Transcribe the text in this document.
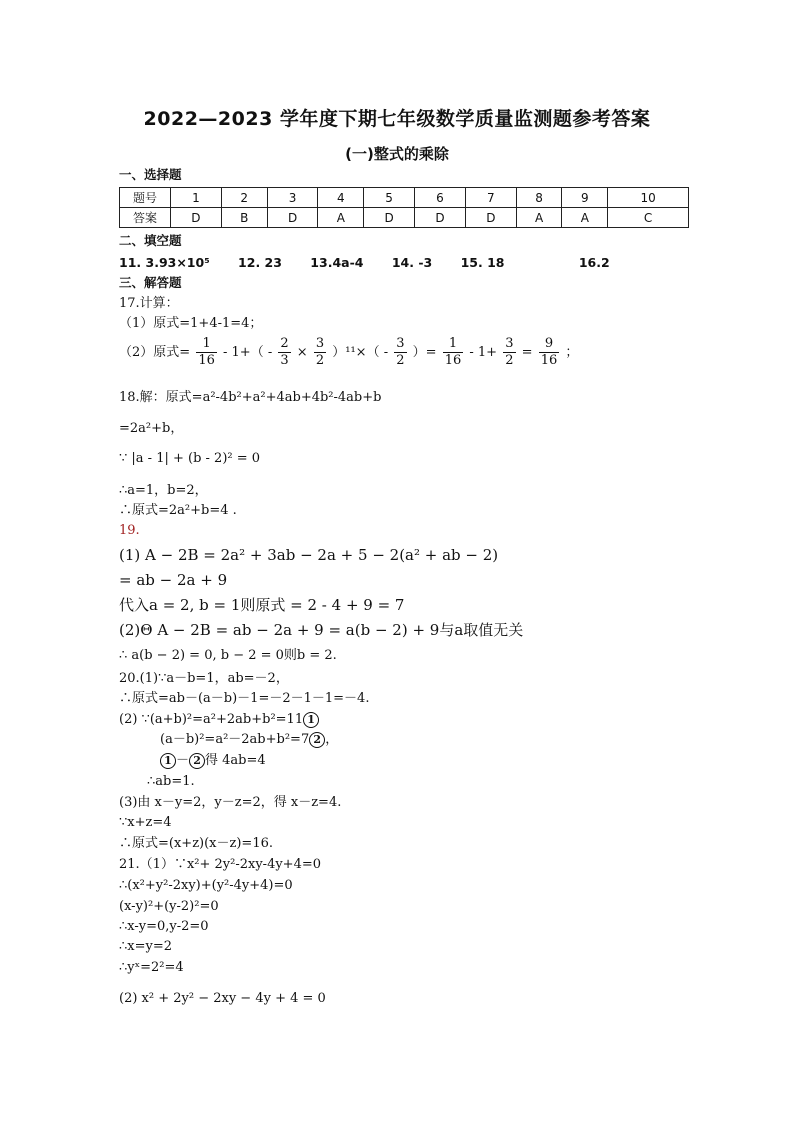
2022—2023 学年度下期七年级数学质量监测题参考答案
(一)整式的乘除
一、选择题
题号	1	2	3	4	5	6	7	8	9	10
答案	D	B	D	A	D	D	D	A	A	C
二、填空题
11. 3.93×10⁵ 12. 23 13.4a-4 14. -3 15. 18	16.2
三、解答题
17.计算：
（1）原式=1+4-1=4；
（2）原式= $\frac{1}{16} - 1+( - \frac{2}{3} \times \frac{3}{2} )^{11}\times( - \frac{3}{2}$ ）= $\frac{1}{16} - 1+ \frac{3}{2} = \frac{9}{16}$ ；
18.解：原式=a²-4b²+a²+4ab+4b²-4ab+b
=2a²+b，
∵ |a - 1| + (b - 2)² = 0
∴a=1，b=2，
∴原式=2a²+b=4 .
19.
(1) A − 2B = 2a² + 3ab − 2a + 5 − 2(a² + ab − 2)
= ab − 2a + 9
代入a = 2, b = 1则原式 = 2 - 4 + 9 = 7
(2)Θ A − 2B = ab − 2a + 9 = a(b − 2) + 9与a取值无关
∴ a(b − 2) = 0, b − 2 = 0则b = 2.
20.(1)∵a－b=1，ab=－2，
∴原式=ab－(a－b)－1=－2－1－1=－4.
(2) ∵(a+b)²=a²+2ab+b²=11 1
(a－b)²=a²－2ab+b²=7 2 ，
1 － 2 得 4ab=4
∴ab=1.
(3)由 x－y=2，y－z=2，得 x－z=4.
∵x+z=4
∴原式=(x+z)(x－z)=16.
21.（1）∵x²+ 2y²-2xy-4y+4=0
∴(x²+y²-2xy)+(y²-4y+4)=0
(x-y)²+(y-2)²=0
∴x-y=0,y-2=0
∴x=y=2
∴yˣ=2²=4
(2) x² + 2y² − 2xy − 4y + 4 = 0
